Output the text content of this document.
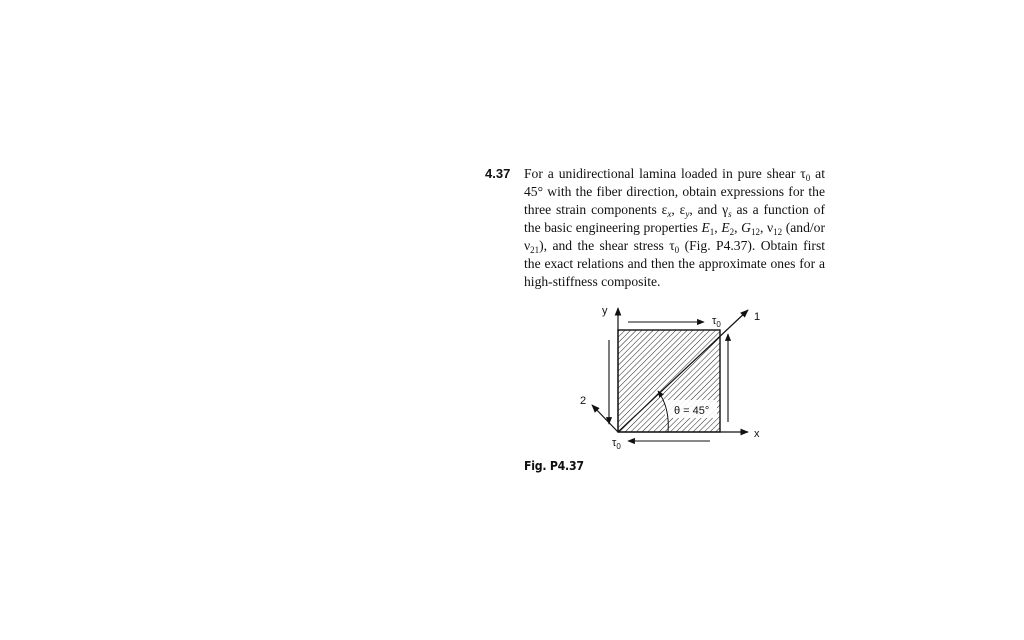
4.37 For a unidirectional lamina loaded in pure shear $\tau_0$ at 45° with the fiber direction, obtain expressions for the three strain components $\varepsilon_x$, $\varepsilon_y$, and $\gamma_s$ as a function of the basic engineering properties $E_1$, $E_2$, $G_{12}$, $\nu_{12}$ (and/or $\nu_{21}$), and the shear stress $\tau_0$ (Fig. P4.37). Obtain first the exact relations and then the approximate ones for a high-stiffness composite.

y
x
1
2
$\tau_0$
$\tau_0$
θ = 45°
Fig. P4.37
